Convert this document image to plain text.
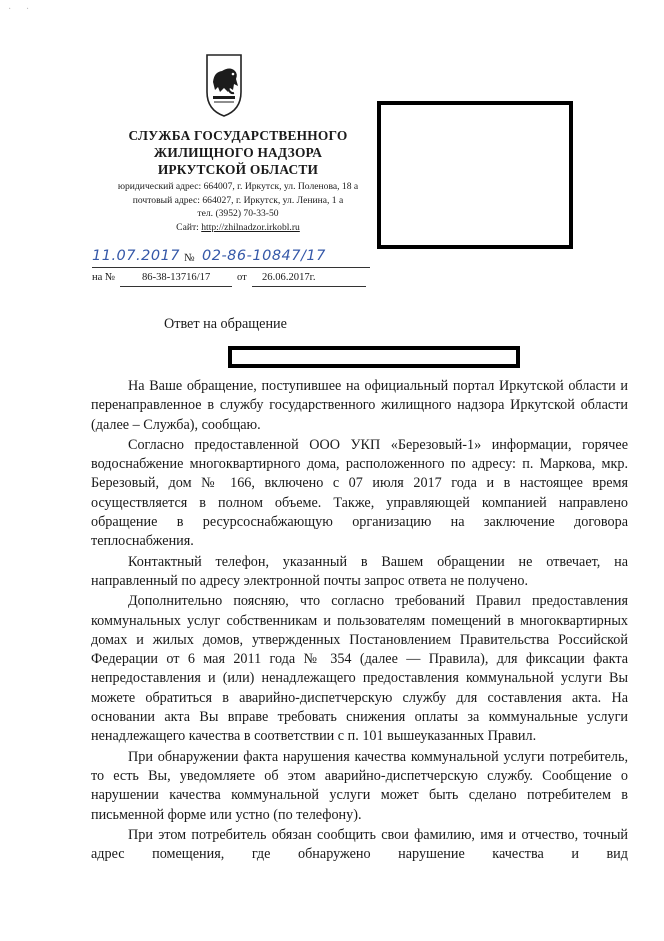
· ·
СЛУЖБА ГОСУДАРСТВЕННОГО
ЖИЛИЩНОГО НАДЗОРА
ИРКУТСКОЙ ОБЛАСТИ
юридический адрес: 664007, г. Иркутск, ул. Поленова, 18 а
почтовый адрес: 664027, г. Иркутск, ул. Ленина, 1 а
тел. (3952) 70-33-50
Сайт: http://zhilnadzor.irkobl.ru
11.07.2017 № 02-86-10847/17
на №	86-38-13716/17	от 26.06.2017г.
Ответ на обращение

На Ваше обращение, поступившее на официальный портал Иркутской области и перенаправленное в службу государственного жилищного надзора Иркутской области (далее – Служба), сообщаю.

Согласно предоставленной ООО УКП «Березовый-1» информации, горячее водоснабжение многоквартирного дома, расположенного по адресу: п. Маркова, мкр. Березовый, дом № 166, включено с 07 июля 2017 года и в настоящее время осуществляется в полном объеме. Также, управляющей компанией направлено обращение в ресурсоснабжающую организацию на заключение договора теплоснабжения.

Контактный телефон, указанный в Вашем обращении не отвечает, на направленный по адресу электронной почты запрос ответа не получено.

Дополнительно поясняю, что согласно требований Правил предоставления коммунальных услуг собственникам и пользователям помещений в многоквартирных домах и жилых домов, утвержденных Постановлением Правительства Российской Федерации от 6 мая 2011 года № 354 (далее — Правила), для фиксации факта непредоставления и (или) ненадлежащего предоставления коммунальной услуги Вы можете обратиться в аварийно-диспетчерскую службу для составления акта. На основании акта Вы вправе требовать снижения оплаты за коммунальные услуги ненадлежащего качества в соответствии с п. 101 вышеуказанных Правил.

При обнаружении факта нарушения качества коммунальной услуги потребитель, то есть Вы, уведомляете об этом аварийно-диспетчерскую службу. Сообщение о нарушении качества коммунальной услуги может быть сделано потребителем в письменной форме или устно (по телефону).

При этом потребитель обязан сообщить свои фамилию, имя и отчество, точный адрес помещения, где обнаружено нарушение качества и вид
